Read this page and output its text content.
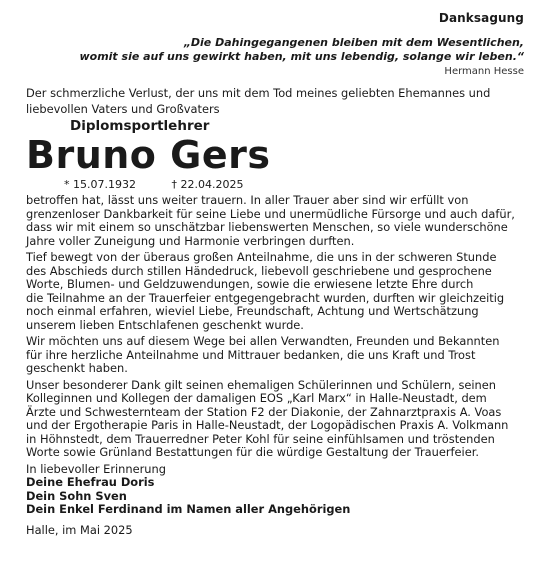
Danksagung
„Die Dahingegangenen bleiben mit dem Wesentlichen,
womit sie auf uns gewirkt haben, mit uns lebendig, solange wir leben.“
Hermann Hesse
Der schmerzliche Verlust, der uns mit dem Tod meines geliebten Ehemannes und
liebevollen Vaters und Großvaters
Diplomsportlehrer
Bruno Gers
* 15.07.1932	† 22.04.2025
betroffen hat, lässt uns weiter trauern. In aller Trauer aber sind wir erfüllt von
grenzenloser Dankbarkeit für seine Liebe und unermüdliche Fürsorge und auch dafür,
dass wir mit einem so unschätzbar liebenswerten Menschen, so viele wunderschöne
Jahre voller Zuneigung und Harmonie verbringen durften.
Tief bewegt von der überaus großen Anteilnahme, die uns in der schweren Stunde
des Abschieds durch stillen Händedruck, liebevoll geschriebene und gesprochene
Worte, Blumen- und Geldzuwendungen, sowie die erwiesene letzte Ehre durch
die Teilnahme an der Trauerfeier entgegengebracht wurden, durften wir gleichzeitig
noch einmal erfahren, wieviel Liebe, Freundschaft, Achtung und Wertschätzung
unserem lieben Entschlafenen geschenkt wurde.
Wir möchten uns auf diesem Wege bei allen Verwandten, Freunden und Bekannten
für ihre herzliche Anteilnahme und Mittrauer bedanken, die uns Kraft und Trost
geschenkt haben.
Unser besonderer Dank gilt seinen ehemaligen Schülerinnen und Schülern, seinen
Kolleginnen und Kollegen der damaligen EOS „Karl Marx“ in Halle-Neustadt, dem
Ärzte und Schwesternteam der Station F2 der Diakonie, der Zahnarztpraxis A. Voas
und der Ergotherapie Paris in Halle-Neustadt, der Logopädischen Praxis A. Volkmann
in Höhnstedt, dem Trauerredner Peter Kohl für seine einfühlsamen und tröstenden
Worte sowie Grünland Bestattungen für die würdige Gestaltung der Trauerfeier.
In liebevoller Erinnerung
Deine Ehefrau Doris
Dein Sohn Sven
Dein Enkel Ferdinand im Namen aller Angehörigen
Halle, im Mai 2025
